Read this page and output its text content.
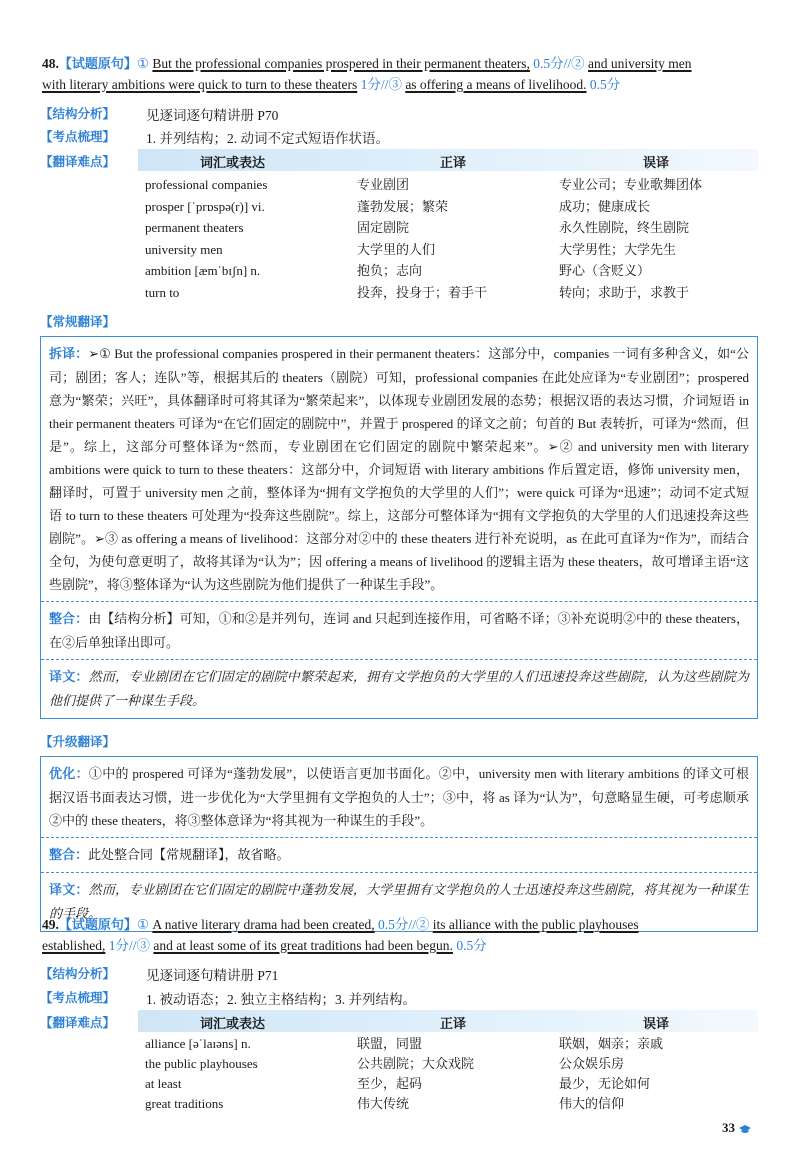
48.【试题原句】① But the professional companies prospered in their permanent theaters, 0.5分//② and university men
with literary ambitions were quick to turn to these theaters 1分//③ as offering a means of livelihood. 0.5分
【结构分析】 见逐词逐句精讲册 P70
【考点梳理】 1. 并列结构；2. 动词不定式短语作状语。
词汇或表达	正译	误译
【翻译难点】
professional companies	专业剧团	专业公司；专业歌舞团体
prosper [ˈprɒspə(r)] vi.	蓬勃发展；繁荣	成功；健康成长
permanent theaters	固定剧院	永久性剧院，终生剧院
university men	大学里的人们	大学男性；大学先生
ambition [æmˈbɪʃn] n.	抱负；志向	野心（含贬义）
turn to	投奔，投身于；着手干	转向；求助于，求教于
【常规翻译】
拆译：➢① But the professional companies prospered in their permanent theaters：这部分中，companies 一词有多种含义，如“公司；剧团；客人；连队”等，根据其后的 theaters（剧院）可知，professional companies 在此处应译为“专业剧团”；prospered 意为“繁荣；兴旺”，具体翻译时可将其译为“繁荣起来”，以体现专业剧团发展的态势；根据汉语的表达习惯，介词短语 in their permanent theaters 可译为“在它们固定的剧院中”，并置于 prospered 的译文之前；句首的 But 表转折，可译为“然而，但是”。综上，这部分可整体译为“然而，专业剧团在它们固定的剧院中繁荣起来”。➢② and university men with literary ambitions were quick to turn to these theaters：这部分中，介词短语 with literary ambitions 作后置定语，修饰 university men，翻译时，可置于 university men 之前，整体译为“拥有文学抱负的大学里的人们”；were quick 可译为“迅速”；动词不定式短语 to turn to these theaters 可处理为“投奔这些剧院”。综上，这部分可整体译为“拥有文学抱负的大学里的人们迅速投奔这些剧院”。➢③ as offering a means of livelihood：这部分对②中的 these theaters 进行补充说明，as 在此可直译为“作为”，而结合全句，为使句意更明了，故将其译为“认为”；因 offering a means of livelihood 的逻辑主语为 these theaters，故可增译主语“这些剧院”，将③整体译为“认为这些剧院为他们提供了一种谋生手段”。
整合：由【结构分析】可知，①和②是并列句，连词 and 只起到连接作用，可省略不译；③补充说明②中的 these theaters，在②后单独译出即可。
译文：然而，专业剧团在它们固定的剧院中繁荣起来，拥有文学抱负的大学里的人们迅速投奔这些剧院，认为这些剧院为他们提供了一种谋生手段。
【升级翻译】
优化：①中的 prospered 可译为“蓬勃发展”，以使语言更加书面化。②中，university men with literary ambitions 的译文可根据汉语书面表达习惯，进一步优化为“大学里拥有文学抱负的人士”；③中，将 as 译为“认为”，句意略显生硬，可考虑顺承②中的 these theaters，将③整体意译为“将其视为一种谋生的手段”。
整合：此处整合同【常规翻译】，故省略。
译文：然而，专业剧团在它们固定的剧院中蓬勃发展，大学里拥有文学抱负的人士迅速投奔这些剧院，将其视为一种谋生的手段。
49.【试题原句】① A native literary drama had been created, 0.5分//② its alliance with the public playhouses
established, 1分//③ and at least some of its great traditions had been begun. 0.5分
【结构分析】 见逐词逐句精讲册 P71
【考点梳理】 1. 被动语态；2. 独立主格结构；3. 并列结构。
词汇或表达	正译	误译
【翻译难点】
alliance [əˈlaɪəns] n.	联盟，同盟	联姻，姻亲；亲戚
the public playhouses	公共剧院；大众戏院	公众娱乐房
at least	至少，起码	最少，无论如何
great traditions	伟大传统	伟大的信仰
33
